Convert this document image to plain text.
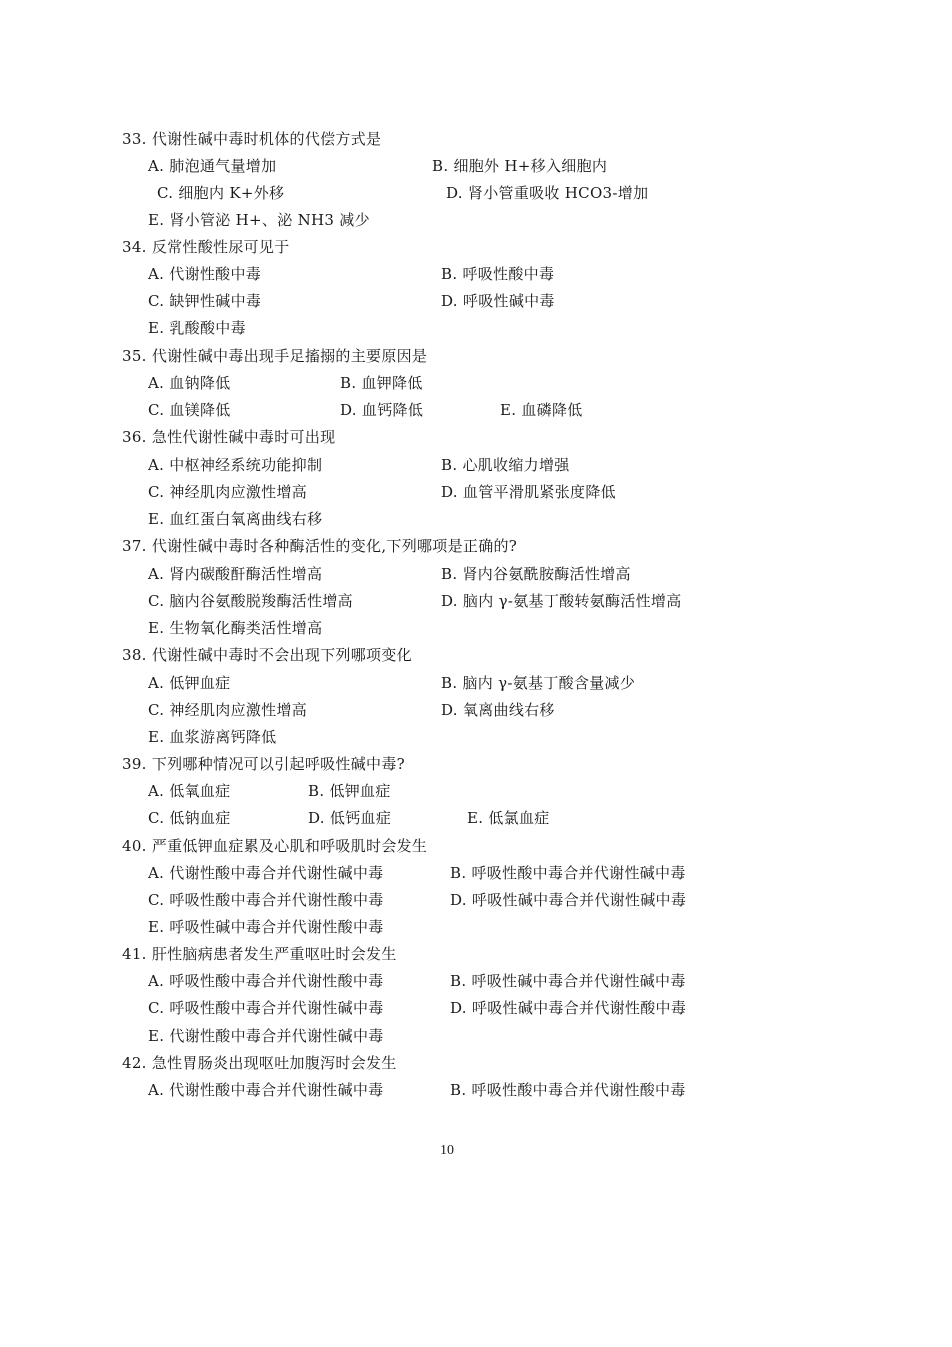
33. 代谢性碱中毒时机体的代偿方式是
A. 肺泡通气量增加	B. 细胞外 H+移入细胞内
C. 细胞内 K+外移	D. 肾小管重吸收 HCO3-增加
E. 肾小管泌 H+、泌 NH3 减少
34. 反常性酸性尿可见于
A. 代谢性酸中毒	B. 呼吸性酸中毒
C. 缺钾性碱中毒	D. 呼吸性碱中毒
E. 乳酸酸中毒
35. 代谢性碱中毒出现手足搐搦的主要原因是
A. 血钠降低	B. 血钾降低
C. 血镁降低	D. 血钙降低	E. 血磷降低
36. 急性代谢性碱中毒时可出现
A. 中枢神经系统功能抑制	B. 心肌收缩力增强
C. 神经肌肉应激性增高	D. 血管平滑肌紧张度降低
E. 血红蛋白氧离曲线右移
37. 代谢性碱中毒时各种酶活性的变化,下列哪项是正确的?
A. 肾内碳酸酐酶活性增高	B. 肾内谷氨酰胺酶活性增高
C. 脑内谷氨酸脱羧酶活性增高	D. 脑内 γ-氨基丁酸转氨酶活性增高
E. 生物氧化酶类活性增高
38. 代谢性碱中毒时不会出现下列哪项变化
A. 低钾血症	B. 脑内 γ-氨基丁酸含量减少
C. 神经肌肉应激性增高	D. 氧离曲线右移
E. 血浆游离钙降低
39. 下列哪种情况可以引起呼吸性碱中毒?
A. 低氧血症	B. 低钾血症
C. 低钠血症	D. 低钙血症	E. 低氯血症
40. 严重低钾血症累及心肌和呼吸肌时会发生
A. 代谢性酸中毒合并代谢性碱中毒	B. 呼吸性酸中毒合并代谢性碱中毒
C. 呼吸性酸中毒合并代谢性酸中毒	D. 呼吸性碱中毒合并代谢性碱中毒
E. 呼吸性碱中毒合并代谢性酸中毒
41. 肝性脑病患者发生严重呕吐时会发生
A. 呼吸性酸中毒合并代谢性酸中毒	B. 呼吸性碱中毒合并代谢性碱中毒
C. 呼吸性酸中毒合并代谢性碱中毒	D. 呼吸性碱中毒合并代谢性酸中毒
E. 代谢性酸中毒合并代谢性碱中毒
42. 急性胃肠炎出现呕吐加腹泻时会发生
A. 代谢性酸中毒合并代谢性碱中毒	B. 呼吸性酸中毒合并代谢性酸中毒
10
